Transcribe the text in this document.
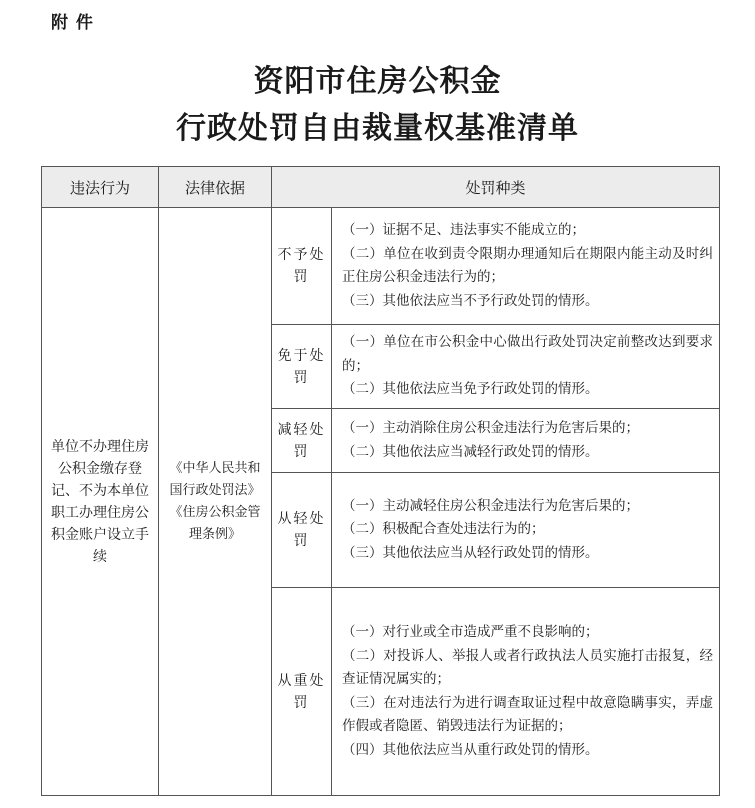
附 件
资阳市住房公积金
行政处罚自由裁量权基准清单
违法行为	法律依据	处罚种类	
单位不办理住房公积金缴存登记、不为本单位职工办理住房公积金账户设立手续	《中华人民共和国行政处罚法》《住房公积金管理条例》	不予处罚	（一）证据不足、违法事实不能成立的；
（二）单位在收到责令限期办理通知后在期限内能主动及时纠正住房公积金违法行为的；
（三）其他依法应当不予行政处罚的情形。

		免于处罚	（一）单位在市公积金中心做出行政处罚决定前整改达到要求的；
（二）其他依法应当免予行政处罚的情形。

		减轻处罚	（一）主动消除住房公积金违法行为危害后果的；
（二）其他依法应当减轻行政处罚的情形。

		从轻处罚	（一）主动减轻住房公积金违法行为危害后果的；
（二）积极配合查处违法行为的；
（三）其他依法应当从轻行政处罚的情形。

		从重处罚	（一）对行业或全市造成严重不良影响的；
（二）对投诉人、举报人或者行政执法人员实施打击报复，经查证情况属实的；
（三）在对违法行为进行调查取证过程中故意隐瞒事实，弄虚作假或者隐匿、销毁违法行为证据的；
（四）其他依法应当从重行政处罚的情形。
